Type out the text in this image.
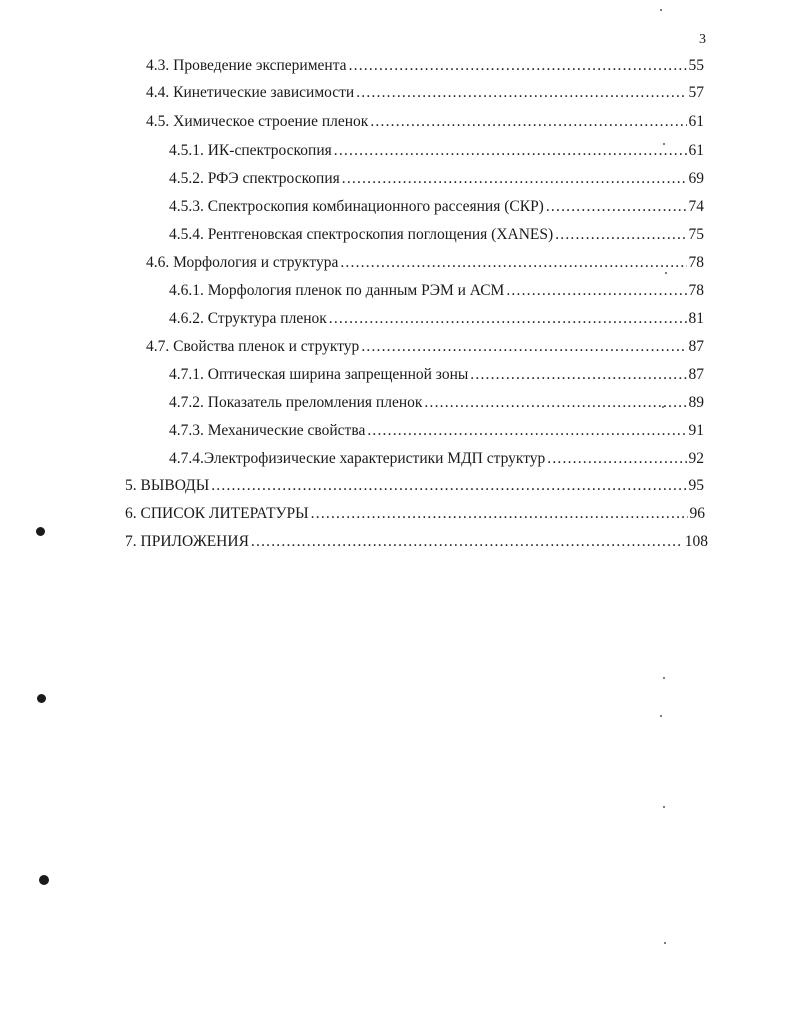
3
4.3. Проведение эксперимента .....	55
4.4. Кинетические зависимости .....	57
4.5. Химическое строение пленок .....	61
4.5.1. ИК-спектроскопия .....	61
4.5.2. РФЭ спектроскопия .....	69
4.5.3. Спектроскопия комбинационного рассеяния (СКР) .....	74
4.5.4. Рентгеновская спектроскопия поглощения (XANES) .....	75
4.6. Морфология и структура .....	78
4.6.1. Морфология пленок по данным РЭМ и АСМ .....	78
4.6.2. Структура пленок .....	81
4.7. Свойства пленок и структур .....	87
4.7.1. Оптическая ширина запрещенной зоны .....	87
4.7.2. Показатель преломления пленок .....	89
4.7.3. Механические свойства .....	91
4.7.4.Электрофизические характеристики МДП структур .....	92
5. ВЫВОДЫ .....	95
6. СПИСОК ЛИТЕРАТУРЫ .....	96
7. ПРИЛОЖЕНИЯ .....	108
